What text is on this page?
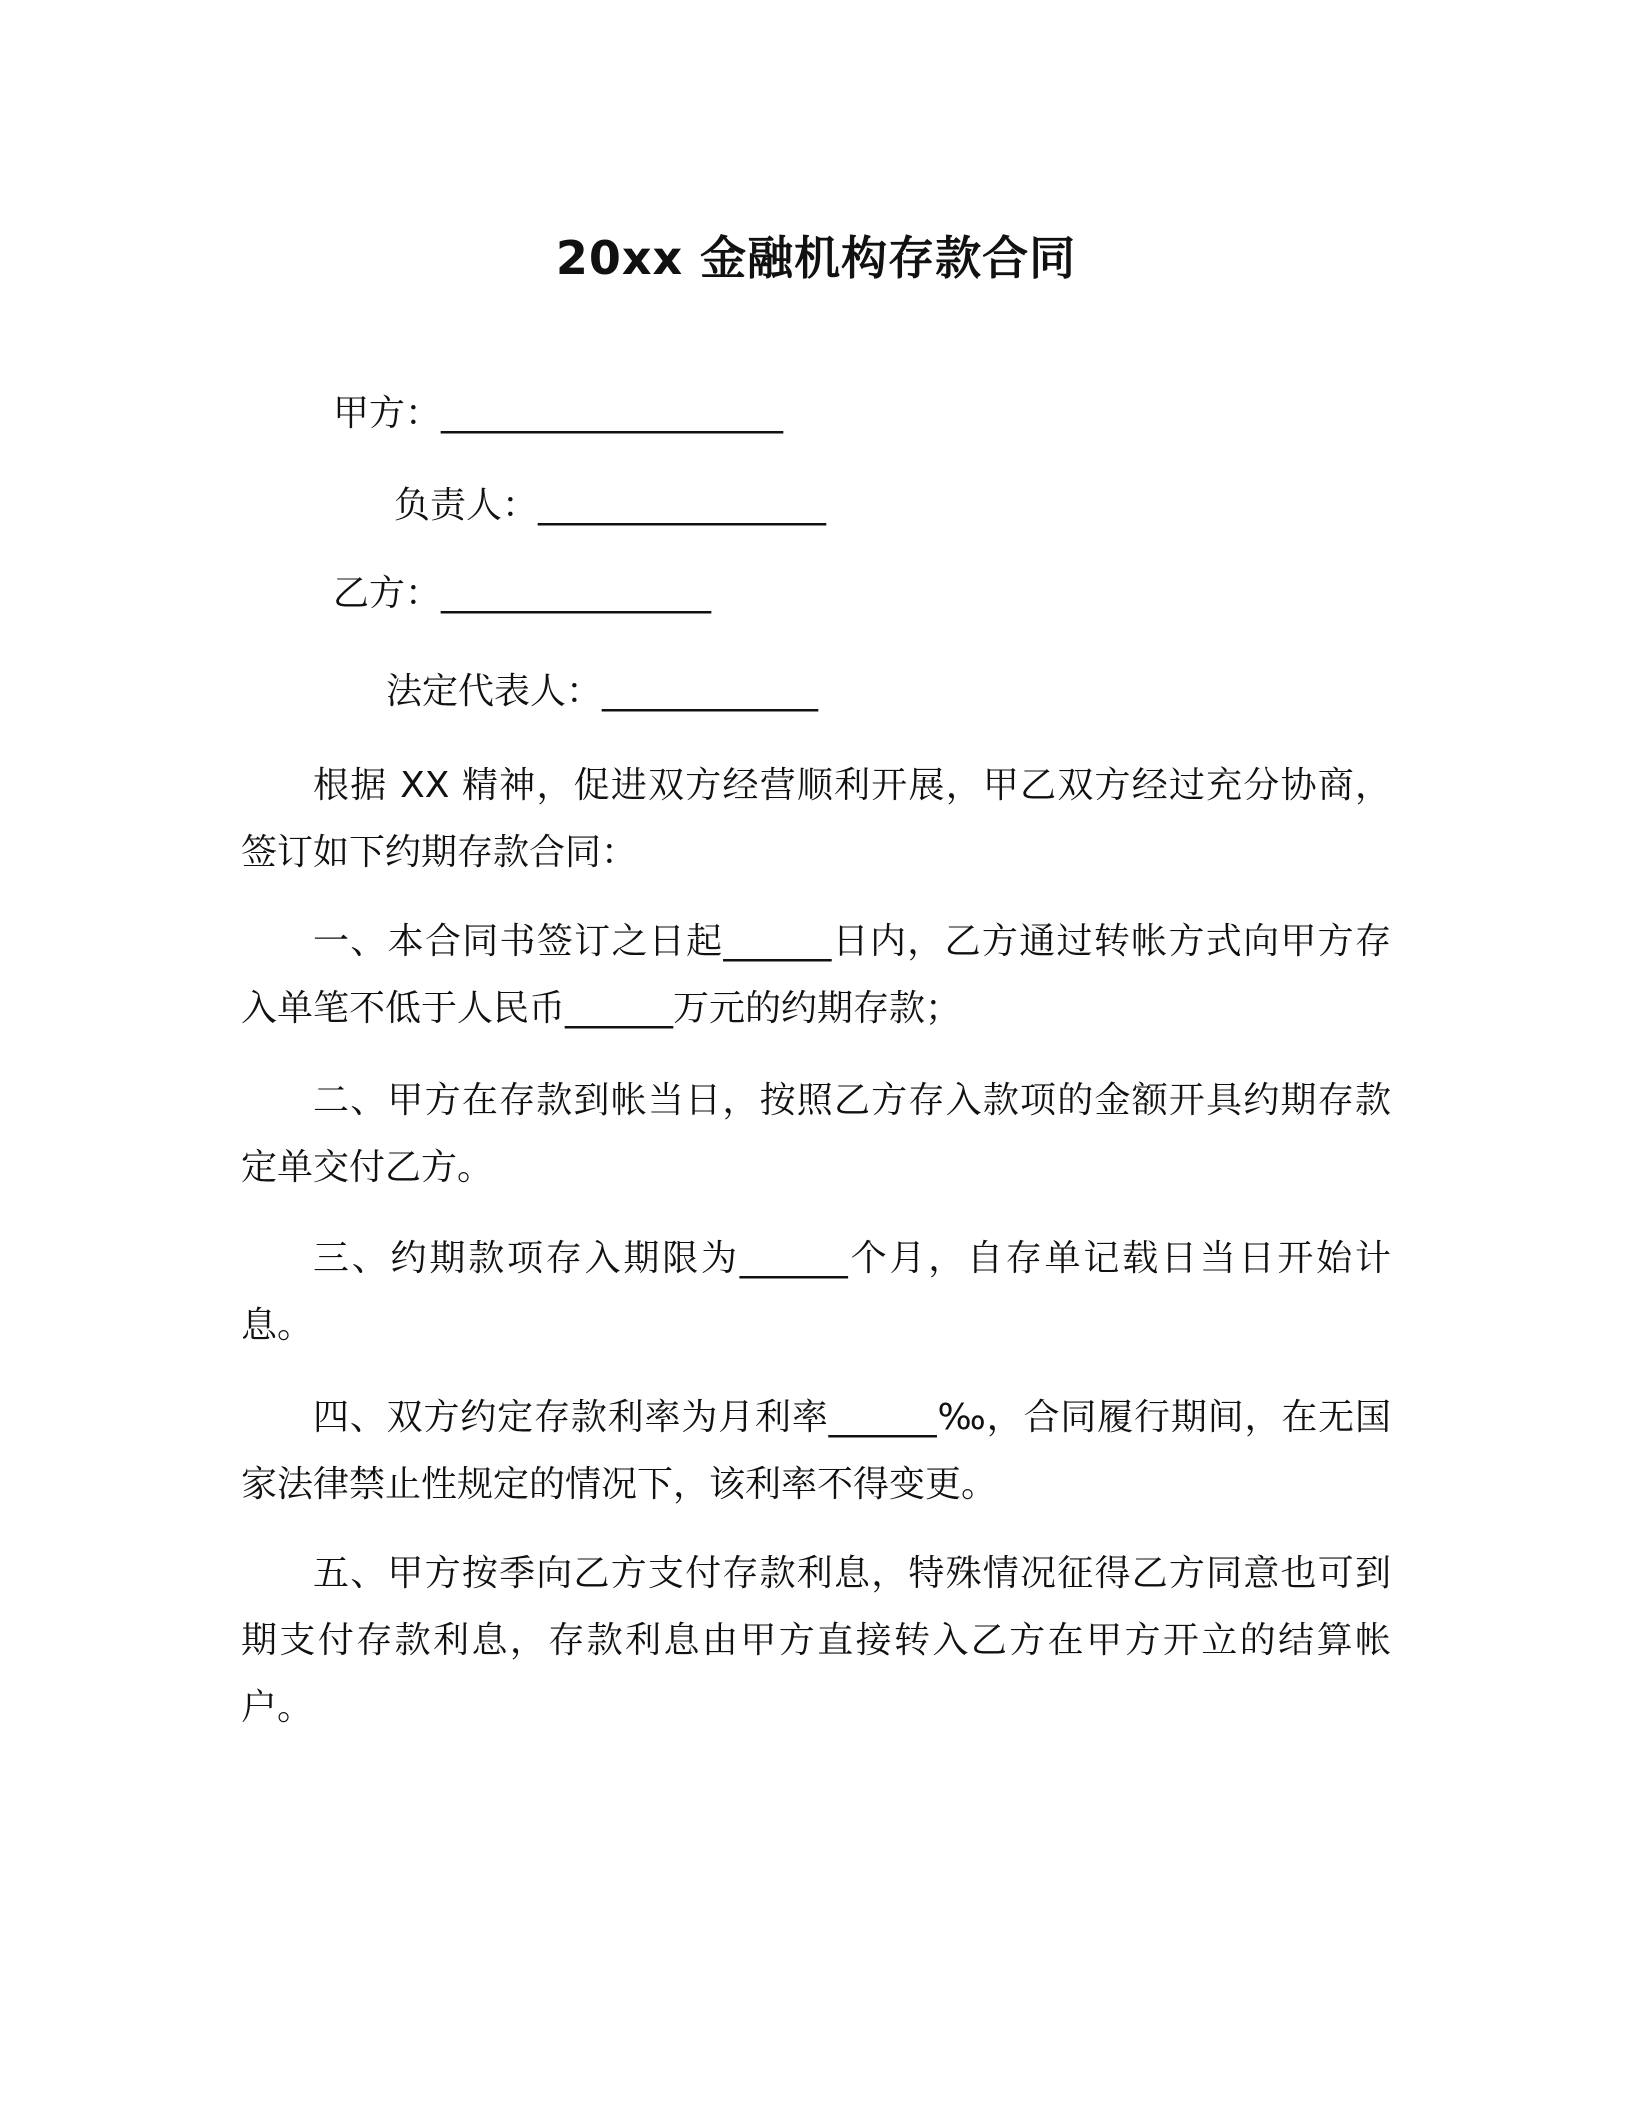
20xx 金融机构存款合同
甲方：___________________
负责人：________________
乙方：_______________
法定代表人：____________

根据 XX 精神，促进双方经营顺利开展，甲乙双方经过充分协商，签订如下约期存款合同：

一、本合同书签订之日起______日内，乙方通过转帐方式向甲方存入单笔不低于人民币______万元的约期存款；

二、甲方在存款到帐当日，按照乙方存入款项的金额开具约期存款定单交付乙方。

三、约期款项存入期限为______个月，自存单记载日当日开始计息。

四、双方约定存款利率为月利率______‰，合同履行期间，在无国家法律禁止性规定的情况下，该利率不得变更。

五、甲方按季向乙方支付存款利息，特殊情况征得乙方同意也可到期支付存款利息，存款利息由甲方直接转入乙方在甲方开立的结算帐户。
